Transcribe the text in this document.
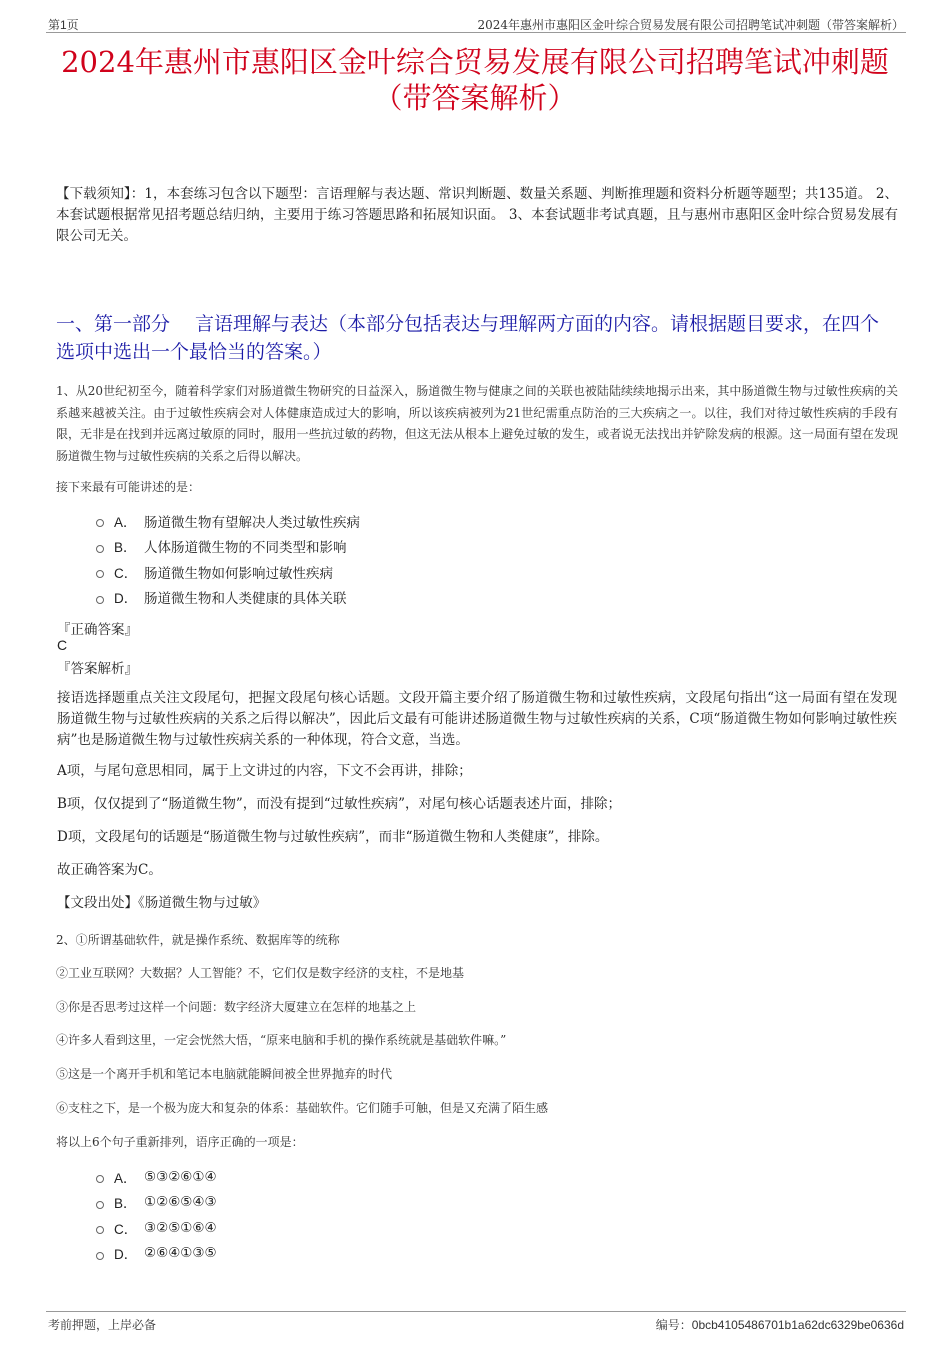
第1页	2024年惠州市惠阳区金叶综合贸易发展有限公司招聘笔试冲刺题（带答案解析）
2024年惠州市惠阳区金叶综合贸易发展有限公司招聘笔试冲刺题（带答案解析）

【下载须知】：1，本套练习包含以下题型：言语理解与表达题、常识判断题、数量关系题、判断推理题和资料分析题等题型；共135道。 2、本套试题根据常见招考题总结归纳，主要用于练习答题思路和拓展知识面。 3、本套试题非考试真题，且与惠州市惠阳区金叶综合贸易发展有限公司无关。

一、第一部分　 言语理解与表达（本部分包括表达与理解两方面的内容。请根据题目要求，在四个选项中选出一个最恰当的答案。）

1、从20世纪初至今，随着科学家们对肠道微生物研究的日益深入，肠道微生物与健康之间的关联也被陆陆续续地揭示出来，其中肠道微生物与过敏性疾病的关系越来越被关注。由于过敏性疾病会对人体健康造成过大的影响，所以该疾病被列为21世纪需重点防治的三大疾病之一。以往，我们对待过敏性疾病的手段有限，无非是在找到并远离过敏原的同时，服用一些抗过敏的药物，但这无法从根本上避免过敏的发生，或者说无法找出并铲除发病的根源。这一局面有望在发现肠道微生物与过敏性疾病的关系之后得以解决。

接下来最有可能讲述的是：

A． 肠道微生物有望解决人类过敏性疾病
B． 人体肠道微生物的不同类型和影响
C． 肠道微生物如何影响过敏性疾病
D． 肠道微生物和人类健康的具体关联

『正确答案』

C

『答案解析』

接语选择题重点关注文段尾句，把握文段尾句核心话题。文段开篇主要介绍了肠道微生物和过敏性疾病，文段尾句指出“这一局面有望在发现肠道微生物与过敏性疾病的关系之后得以解决”，因此后文最有可能讲述肠道微生物与过敏性疾病的关系，C项“肠道微生物如何影响过敏性疾病”也是肠道微生物与过敏性疾病关系的一种体现，符合文意，当选。

A项，与尾句意思相同，属于上文讲过的内容，下文不会再讲，排除；

B项，仅仅提到了“肠道微生物”，而没有提到“过敏性疾病”，对尾句核心话题表述片面，排除；

D项，文段尾句的话题是“肠道微生物与过敏性疾病”，而非“肠道微生物和人类健康”，排除。

故正确答案为C。

【文段出处】《肠道微生物与过敏》

2、①所谓基础软件，就是操作系统、数据库等的统称

②工业互联网？大数据？人工智能？不，它们仅是数字经济的支柱，不是地基

③你是否思考过这样一个问题：数字经济大厦建立在怎样的地基之上

④许多人看到这里，一定会恍然大悟，“原来电脑和手机的操作系统就是基础软件嘛。”

⑤这是一个离开手机和笔记本电脑就能瞬间被全世界抛弃的时代

⑥支柱之下，是一个极为庞大和复杂的体系：基础软件。它们随手可触，但是又充满了陌生感

将以上6个句子重新排列，语序正确的一项是：

A． ⑤③②⑥①④
B． ①②⑥⑤④③
C． ③②⑤①⑥④
D． ②⑥④①③⑤
考前押题，上岸必备	编号：0bcb4105486701b1a62dc6329be0636d
